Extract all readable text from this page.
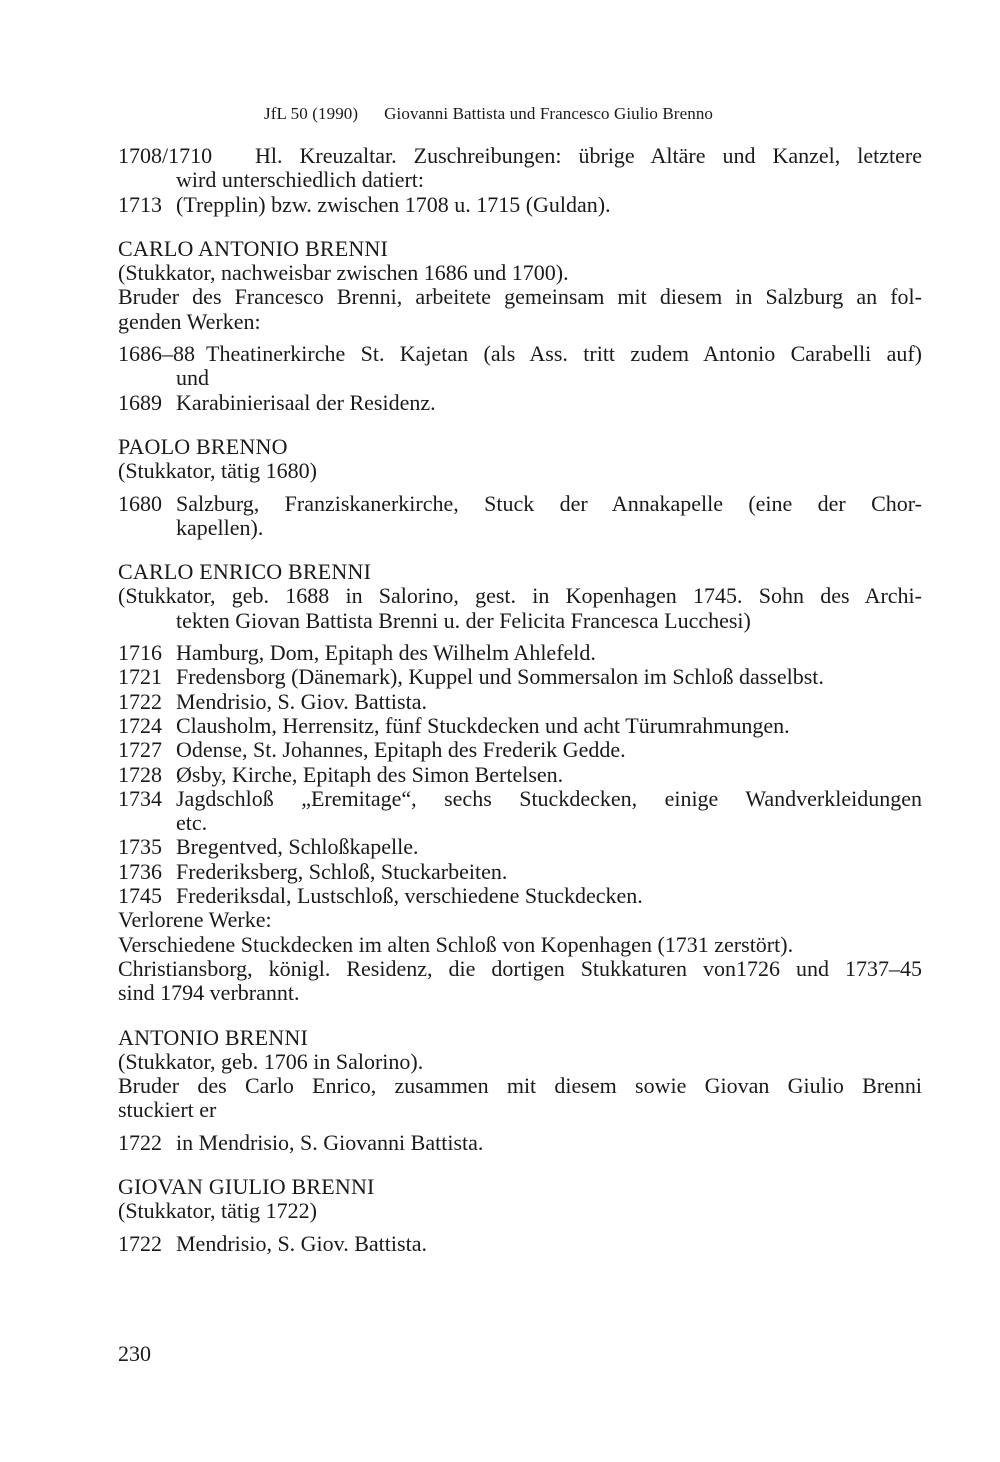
JfL 50 (1990) Giovanni Battista und Francesco Giulio Brenno
1708/1710 Hl. Kreuzaltar. Zuschreibungen: übrige Altäre und Kanzel, letztere
wird unterschiedlich datiert:
1713 (Trepplin) bzw. zwischen 1708 u. 1715 (Guldan).
CARLO ANTONIO BRENNI
(Stukkator, nachweisbar zwischen 1686 und 1700).
Bruder des Francesco Brenni, arbeitete gemeinsam mit diesem in Salzburg an fol-
genden Werken:
1686–88 Theatinerkirche St. Kajetan (als Ass. tritt zudem Antonio Carabelli auf)
und
1689 Karabinierisaal der Residenz.
PAOLO BRENNO
(Stukkator, tätig 1680)
1680 Salzburg, Franziskanerkirche, Stuck der Annakapelle (eine der Chor-
kapellen).
CARLO ENRICO BRENNI
(Stukkator, geb. 1688 in Salorino, gest. in Kopenhagen 1745. Sohn des Archi-
tekten Giovan Battista Brenni u. der Felicita Francesca Lucchesi)
1716 Hamburg, Dom, Epitaph des Wilhelm Ahlefeld.
1721 Fredensborg (Dänemark), Kuppel und Sommersalon im Schloß dasselbst.
1722 Mendrisio, S. Giov. Battista.
1724 Clausholm, Herrensitz, fünf Stuckdecken und acht Türumrahmungen.
1727 Odense, St. Johannes, Epitaph des Frederik Gedde.
1728 Øsby, Kirche, Epitaph des Simon Bertelsen.
1734 Jagdschloß „Eremitage“, sechs Stuckdecken, einige Wandverkleidungen
etc.
1735 Bregentved, Schloßkapelle.
1736 Frederiksberg, Schloß, Stuckarbeiten.
1745 Frederiksdal, Lustschloß, verschiedene Stuckdecken.
Verlorene Werke:
Verschiedene Stuckdecken im alten Schloß von Kopenhagen (1731 zerstört).
Christiansborg, königl. Residenz, die dortigen Stukkaturen von1726 und 1737–45
sind 1794 verbrannt.
ANTONIO BRENNI
(Stukkator, geb. 1706 in Salorino).
Bruder des Carlo Enrico, zusammen mit diesem sowie Giovan Giulio Brenni
stuckiert er
1722 in Mendrisio, S. Giovanni Battista.
GIOVAN GIULIO BRENNI
(Stukkator, tätig 1722)
1722 Mendrisio, S. Giov. Battista.
230
